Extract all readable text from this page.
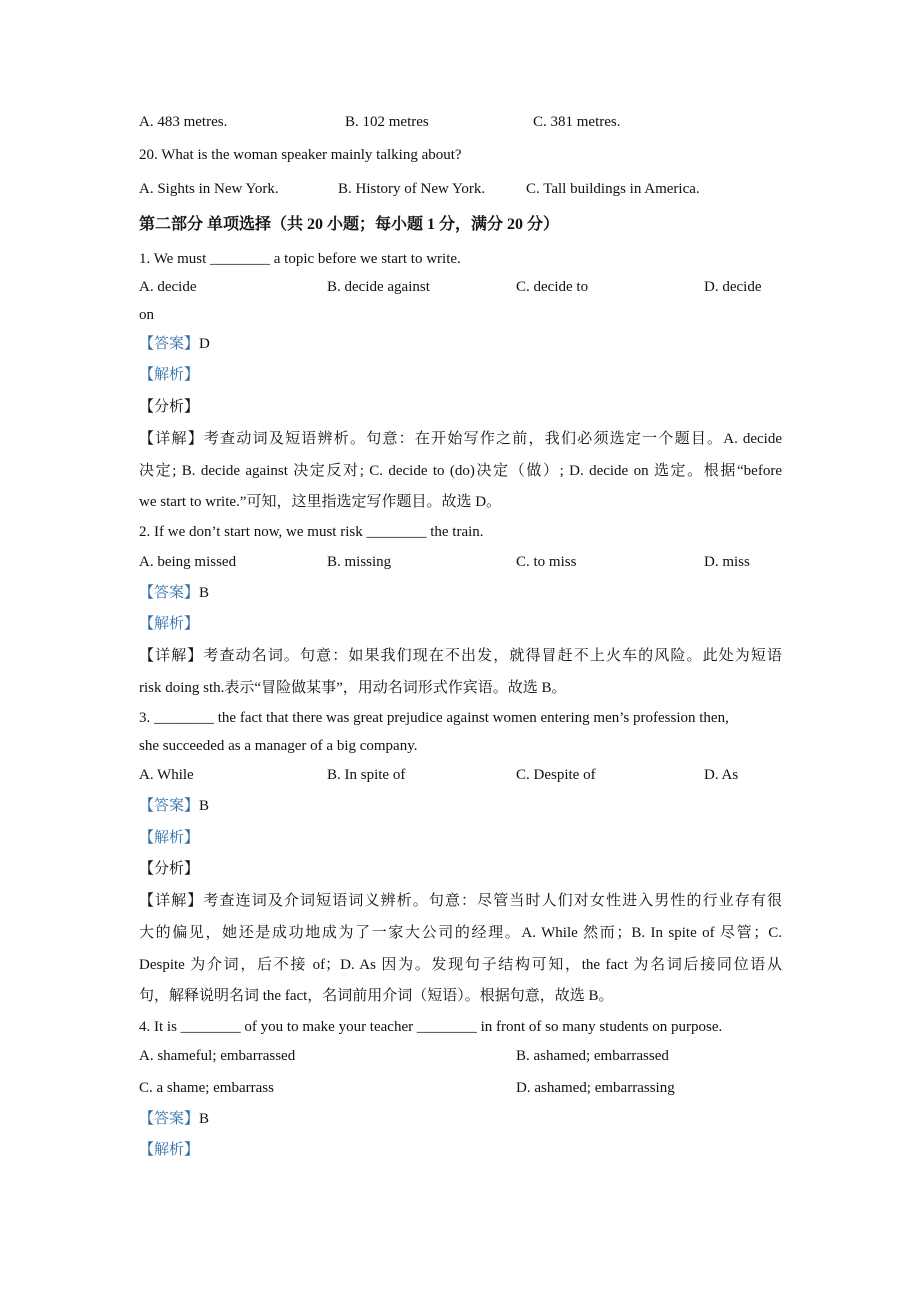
A. 483 metres.	B. 102 metres	C. 381 metres.
20. What is the woman speaker mainly talking about?
A. Sights in New York.	B. History of New York.	C. Tall buildings in America.
第二部分 单项选择（共 20 小题；每小题 1 分，满分 20 分）
1. We must ________ a topic before we start to write.
A. decide	B. decide against	C. decide to	D. decide
on
【答案】D
【解析】
【分析】
【详解】考查动词及短语辨析。句意：在开始写作之前，我们必须选定一个题目。A. decide
决定; B. decide against 决定反对; C. decide to (do)决定（做）; D. decide on 选定。根据“before
we start to write.”可知，这里指选定写作题目。故选 D。
2. If we don’t start now, we must risk ________ the train.
A. being missed	B. missing	C. to miss	D. miss
【答案】B
【解析】
【详解】考查动名词。句意：如果我们现在不出发，就得冒赶不上火车的风险。此处为短语
risk doing sth.表示“冒险做某事”，用动名词形式作宾语。故选 B。
3. ________ the fact that there was great prejudice against women entering men’s profession then,
she succeeded as a manager of a big company.
A. While	B. In spite of	C. Despite of	D. As
【答案】B
【解析】
【分析】
【详解】考查连词及介词短语词义辨析。句意：尽管当时人们对女性进入男性的行业存有很
大的偏见，她还是成功地成为了一家大公司的经理。A. While 然而；B. In spite of 尽管；C.
Despite 为介词，后不接 of；D. As 因为。发现句子结构可知，the fact 为名词后接同位语从
句，解释说明名词 the fact，名词前用介词（短语）。根据句意，故选 B。
4. It is ________ of you to make your teacher ________ in front of so many students on purpose.
A. shameful; embarrassed	B. ashamed; embarrassed
C. a shame; embarrass	D. ashamed; embarrassing
【答案】B
【解析】
